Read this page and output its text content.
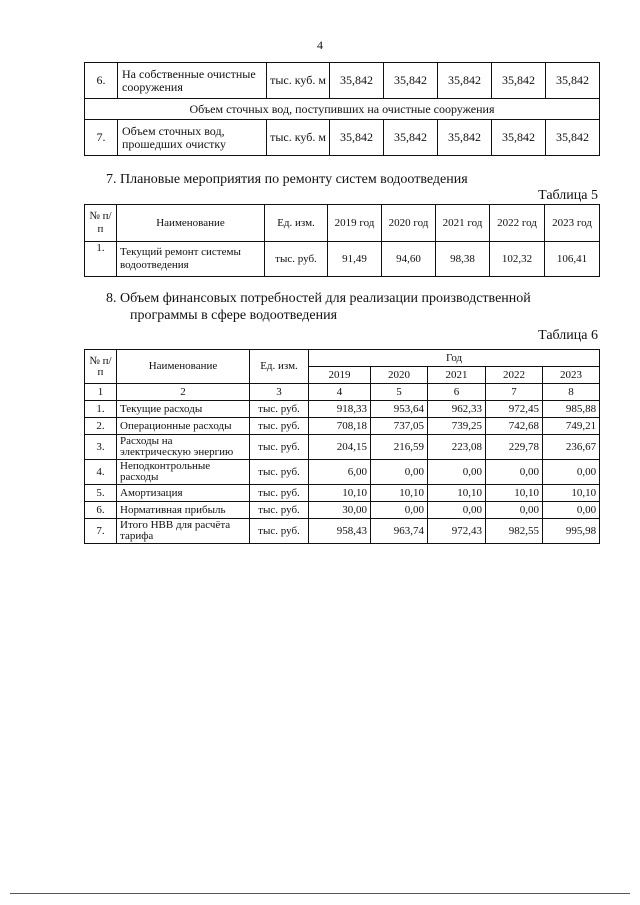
4
6.	На собственные очистные сооружения	тыс. куб. м	35,842	35,842	35,842	35,842	35,842
Объем сточных вод, поступивших на очистные сооружения							
7.	Объем сточных вод, прошедших очистку	тыс. куб. м	35,842	35,842	35,842	35,842	35,842
7. Плановые мероприятия по ремонту систем водоотведения
Таблица 5
№ п/п	Наименование	Ед. изм.	2019 год	2020 год	2021 год	2022 год	2023 год
1.	Текущий ремонт системы водоотведения	тыс. руб.	91,49	94,60	98,38	102,32	106,41
8. Объем финансовых потребностей для реализации производственной
программы в сфере водоотведения
Таблица 6
№ п/п	Наименование	Ед. изм.	Год				
			2019	2020	2021	2022	2023
1	2	3	4	5	6	7	8
1.	Текущие расходы	тыс. руб.	918,33	953,64	962,33	972,45	985,88
2.	Операционные расходы	тыс. руб.	708,18	737,05	739,25	742,68	749,21
3.	Расходы на электрическую энергию	тыс. руб.	204,15	216,59	223,08	229,78	236,67
4.	Неподконтрольные расходы	тыс. руб.	6,00	0,00	0,00	0,00	0,00
5.	Амортизация	тыс. руб.	10,10	10,10	10,10	10,10	10,10
6.	Нормативная прибыль	тыс. руб.	30,00	0,00	0,00	0,00	0,00
7.	Итого НВВ для расчёта тарифа	тыс. руб.	958,43	963,74	972,43	982,55	995,98
